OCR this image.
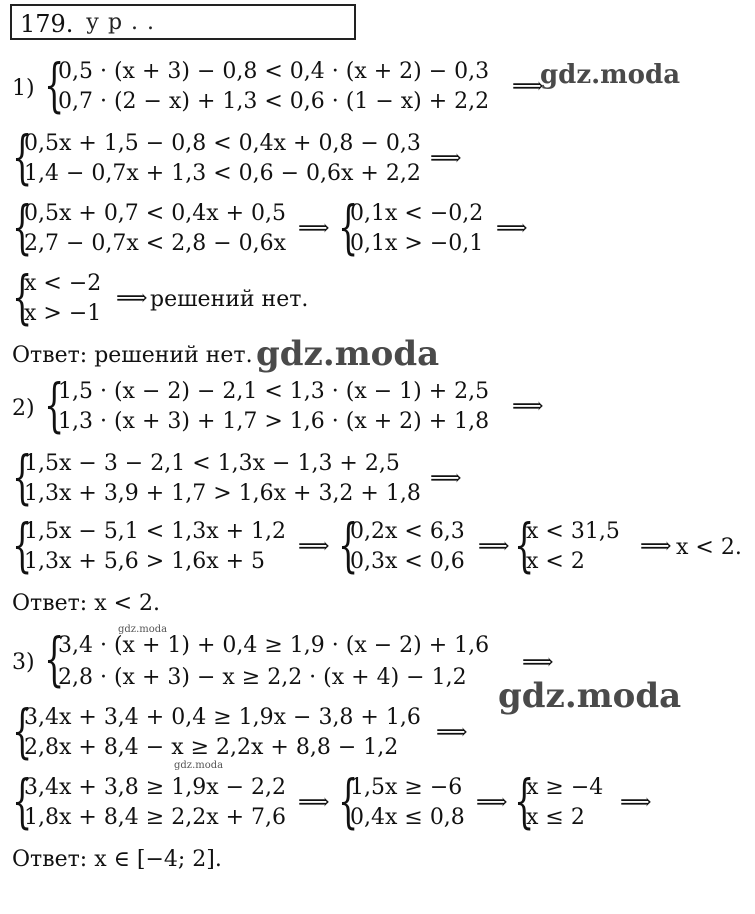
179. у р . .
1) {
0,5 · (x + 3) − 0,8 < 0,4 · (x + 2) − 0,3
0,7 · (2 − x) + 1,3 < 0,6 · (1 − x) + 2,2
⟹
gdz.moda
{
0,5x + 1,5 − 0,8 < 0,4x + 0,8 − 0,3
1,4 − 0,7x + 1,3 < 0,6 − 0,6x + 2,2
⟹
{
0,5x + 0,7 < 0,4x + 0,5
2,7 − 0,7x < 2,8 − 0,6x
⟹ {
0,1x < −0,2
0,1x > −0,1
⟹
{
x < −2
x > −1
⟹ решений нет.
Ответ: решений нет. gdz.moda
2) {
1,5 · (x − 2) − 2,1 < 1,3 · (x − 1) + 2,5
1,3 · (x + 3) + 1,7 > 1,6 · (x + 2) + 1,8
⟹
{
1,5x − 3 − 2,1 < 1,3x − 1,3 + 2,5
1,3x + 3,9 + 1,7 > 1,6x + 3,2 + 1,8
⟹
{
1,5x − 5,1 < 1,3x + 1,2
1,3x + 5,6 > 1,6x + 5
⟹ {
0,2x < 6,3
0,3x < 0,6
⟹ {
x < 31,5
x < 2
⟹ x < 2.
Ответ: x < 2.
gdz.moda
3) {
3,4 · (x + 1) + 0,4 ≥ 1,9 · (x − 2) + 1,6
2,8 · (x + 3) − x ≥ 2,2 · (x + 4) − 1,2
⟹
gdz.moda
{
3,4x + 3,4 + 0,4 ≥ 1,9x − 3,8 + 1,6
2,8x + 8,4 − x ≥ 2,2x + 8,8 − 1,2
⟹
gdz.moda
{
3,4x + 3,8 ≥ 1,9x − 2,2
1,8x + 8,4 ≥ 2,2x + 7,6
⟹ {
1,5x ≥ −6
0,4x ≤ 0,8
⟹ {
x ≥ −4
x ≤ 2
⟹
Ответ: x ∈ [−4; 2].
